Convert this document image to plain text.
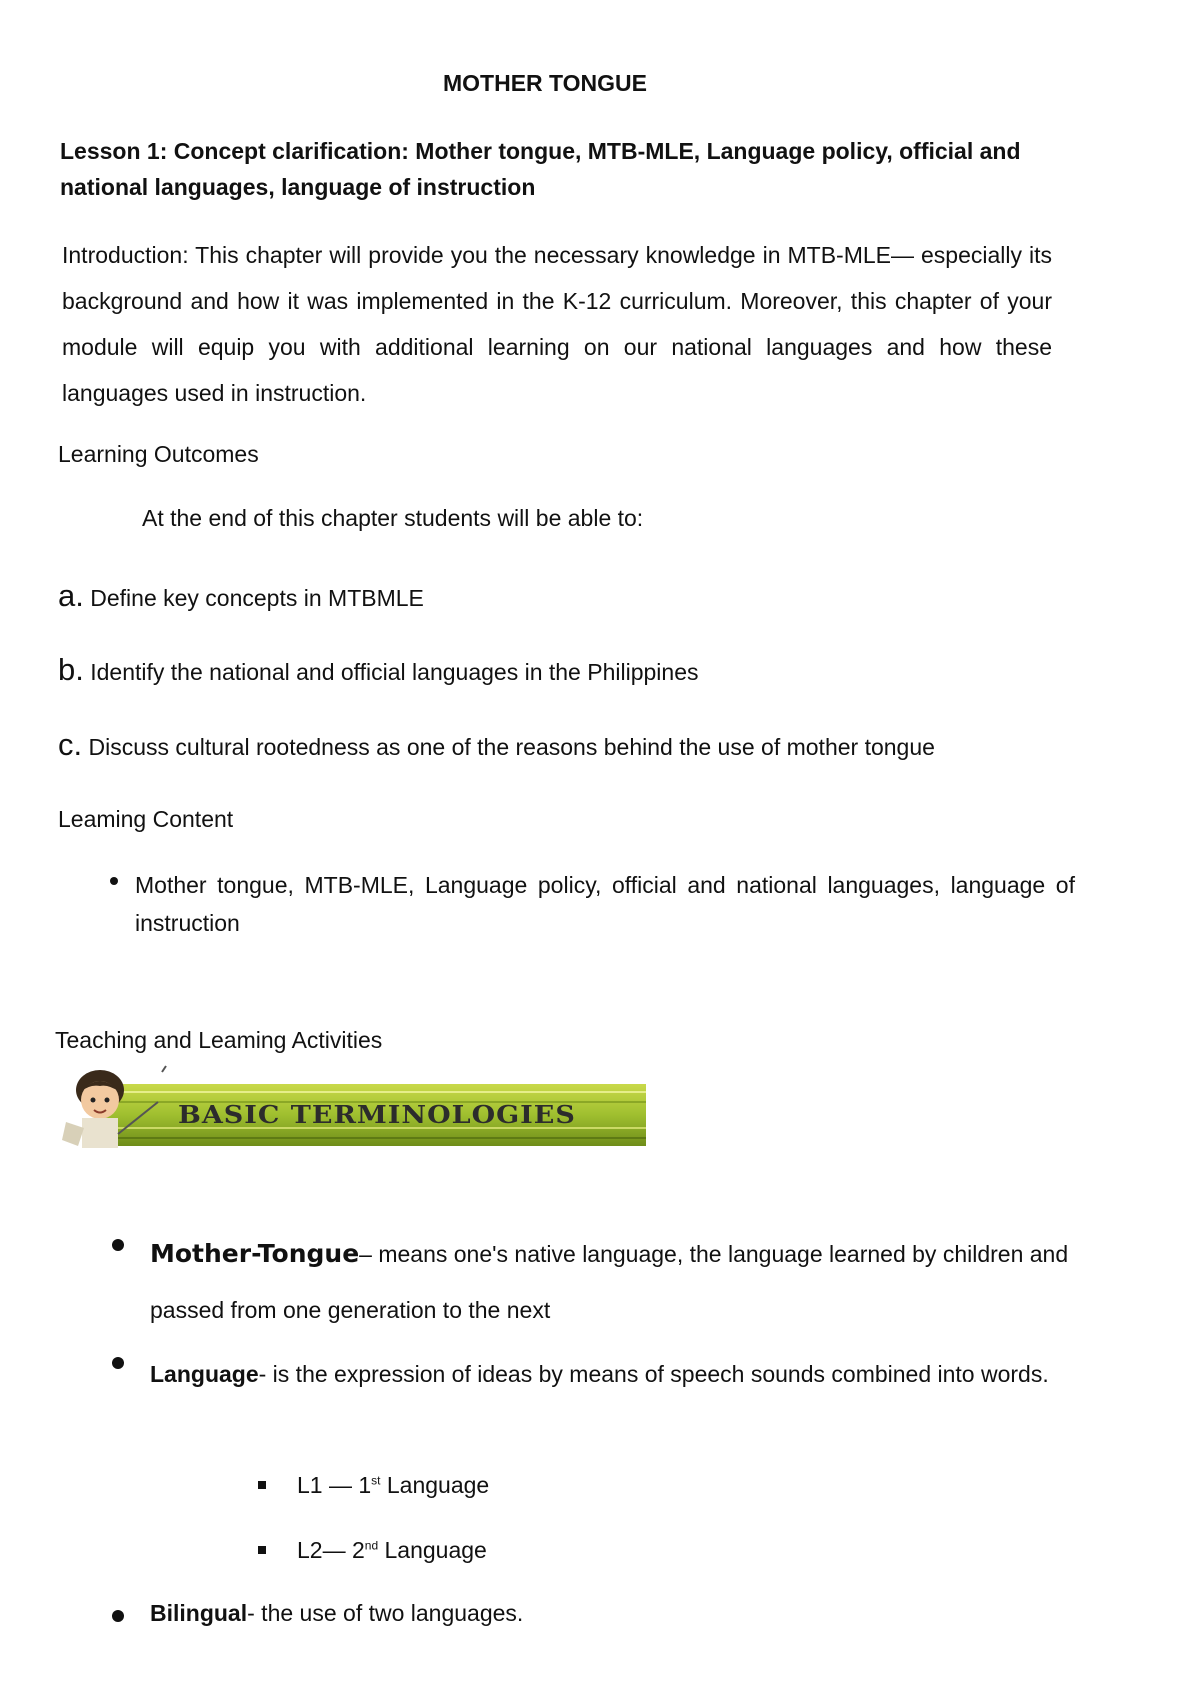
MOTHER TONGUE
Lesson 1: Concept clarification: Mother tongue, MTB-MLE, Language policy, official and national languages, language of instruction
Introduction: This chapter will provide you the necessary knowledge in MTB-MLE— especially its background and how it was implemented in the K-12 curriculum. Moreover, this chapter of your module will equip you with additional learning on our national languages and how these languages used in instruction.
Learning Outcomes
At the end of this chapter students will be able to:
a. Define key concepts in MTBMLE
b. Identify the national and official languages in the Philippines
c. Discuss cultural rootedness as one of the reasons behind the use of mother tongue
Leaming Content
Mother tongue, MTB-MLE, Language policy, official and national languages, language of instruction
Teaching and Leaming Activities
BASIC TERMINOLOGIES
Mother-Tongue– means one's native language, the language learned by children and passed from one generation to the next
Language- is the expression of ideas by means of speech sounds combined into words.
L1 — 1st Language
L2— 2nd Language
Bilingual- the use of two languages.
